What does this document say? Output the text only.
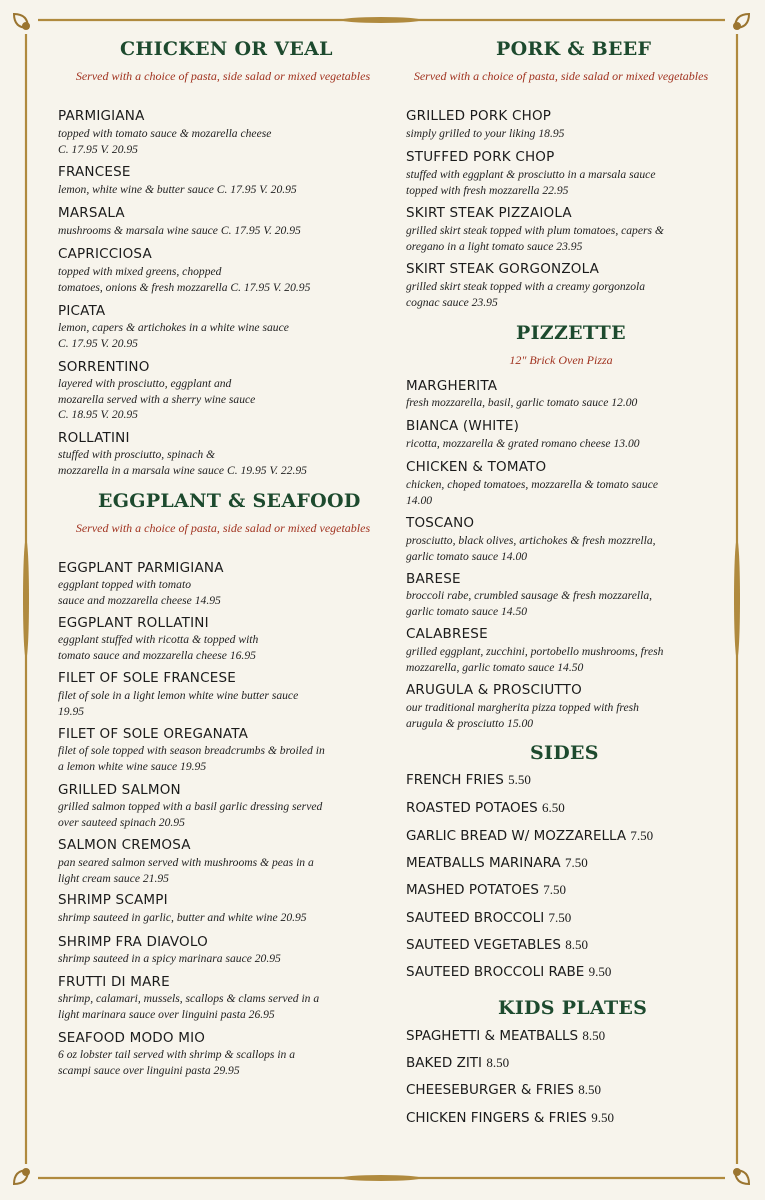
CHICKEN OR VEAL
Served with a choice of pasta, side salad or mixed vegetables
PARMIGIANA
topped with tomato sauce & mozarella cheese
C. 17.95 V. 20.95
FRANCESE
lemon, white wine & butter sauce C. 17.95 V. 20.95
MARSALA
mushrooms & marsala wine sauce C. 17.95 V. 20.95
CAPRICCIOSA
topped with mixed greens, chopped
tomatoes, onions & fresh mozzarella C. 17.95 V. 20.95
PICATA
lemon, capers & artichokes in a white wine sauce
C. 17.95 V. 20.95
SORRENTINO
layered with prosciutto, eggplant and
mozarella served with a sherry wine sauce
C. 18.95 V. 20.95
ROLLATINI
stuffed with prosciutto, spinach &
mozzarella in a marsala wine sauce C. 19.95 V. 22.95
EGGPLANT & SEAFOOD
Served with a choice of pasta, side salad or mixed vegetables
EGGPLANT PARMIGIANA
eggplant topped with tomato
sauce and mozzarella cheese 14.95
EGGPLANT ROLLATINI
eggplant stuffed with ricotta & topped with
tomato sauce and mozzarella cheese 16.95
FILET OF SOLE FRANCESE
filet of sole in a light lemon white wine butter sauce
19.95
FILET OF SOLE OREGANATA
filet of sole topped with season breadcrumbs & broiled in
a lemon white wine sauce 19.95
GRILLED SALMON
grilled salmon topped with a basil garlic dressing served
over sauteed spinach 20.95
SALMON CREMOSA
pan seared salmon served with mushrooms & peas in a
light cream sauce 21.95
SHRIMP SCAMPI
shrimp sauteed in garlic, butter and white wine 20.95
SHRIMP FRA DIAVOLO
shrimp sauteed in a spicy marinara sauce 20.95
FRUTTI DI MARE
shrimp, calamari, mussels, scallops & clams served in a
light marinara sauce over linguini pasta 26.95
SEAFOOD MODO MIO
6 oz lobster tail served with shrimp & scallops in a
scampi sauce over linguini pasta 29.95
PORK & BEEF
Served with a choice of pasta, side salad or mixed vegetables
GRILLED PORK CHOP
simply grilled to your liking 18.95
STUFFED PORK CHOP
stuffed with eggplant & prosciutto in a marsala sauce
topped with fresh mozzarella 22.95
SKIRT STEAK PIZZAIOLA
grilled skirt steak topped with plum tomatoes, capers &
oregano in a light tomato sauce 23.95
SKIRT STEAK GORGONZOLA
grilled skirt steak topped with a creamy gorgonzola
cognac sauce 23.95
PIZZETTE
12" Brick Oven Pizza
MARGHERITA
fresh mozzarella, basil, garlic tomato sauce 12.00
BIANCA (WHITE)
ricotta, mozzarella & grated romano cheese 13.00
CHICKEN & TOMATO
chicken, choped tomatoes, mozzarella & tomato sauce
14.00
TOSCANO
prosciutto, black olives, artichokes & fresh mozzrella,
garlic tomato sauce 14.00
BARESE
broccoli rabe, crumbled sausage & fresh mozzarella,
garlic tomato sauce 14.50
CALABRESE
grilled eggplant, zucchini, portobello mushrooms, fresh
mozzarella, garlic tomato sauce 14.50
ARUGULA & PROSCIUTTO
our traditional margherita pizza topped with fresh
arugula & prosciutto 15.00
SIDES
FRENCH FRIES 5.50
ROASTED POTAOES 6.50
GARLIC BREAD W/ MOZZARELLA 7.50
MEATBALLS MARINARA 7.50
MASHED POTATOES 7.50
SAUTEED BROCCOLI 7.50
SAUTEED VEGETABLES 8.50
SAUTEED BROCCOLI RABE 9.50
KIDS PLATES
SPAGHETTI & MEATBALLS 8.50
BAKED ZITI 8.50
CHEESEBURGER & FRIES 8.50
CHICKEN FINGERS & FRIES 9.50
